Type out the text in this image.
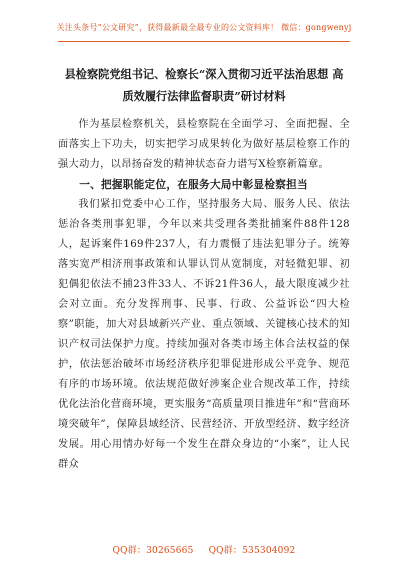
关注头条号“公文研究”，获得最新最全最专业的公文资料库！ 微信：gongwenyj
县检察院党组书记、检察长“深入贯彻习近平法治思想 高
质效履行法律监督职责”研讨材料

作为基层检察机关，县检察院在全面学习、全面把握、全面落实上下功夫，切实把学习成果转化为做好基层检察工作的强大动力，以昂扬奋发的精神状态奋力谱写X检察新篇章。

一、把握职能定位，在服务大局中彰显检察担当

我们紧扣党委中心工作，坚持服务大局、服务人民、依法惩治各类刑事犯罪，今年以来共受理各类批捕案件88件128人，起诉案件169件237人，有力震慑了违法犯罪分子。统筹落实宽严相济刑事政策和认罪认罚从宽制度，对轻微犯罪、初犯偶犯依法不捕23件33人、不诉21件36人，最大限度减少社会对立面。充分发挥刑事、民事、行政、公益诉讼“四大检察”职能，加大对县域新兴产业、重点领域、关键核心技术的知识产权司法保护力度。持续加强对各类市场主体合法权益的保护，依法惩治破坏市场经济秩序犯罪促进形成公平竞争、规范有序的市场环境。依法规范做好涉案企业合规改革工作，持续优化法治化营商环境，更实服务“高质量项目推进年”和“营商环境突破年”，保障县域经济、民营经济、开放型经济、数字经济发展。用心用情办好每一个发生在群众身边的“小案”，让人民群众

QQ群：30265665 QQ群：535304092
